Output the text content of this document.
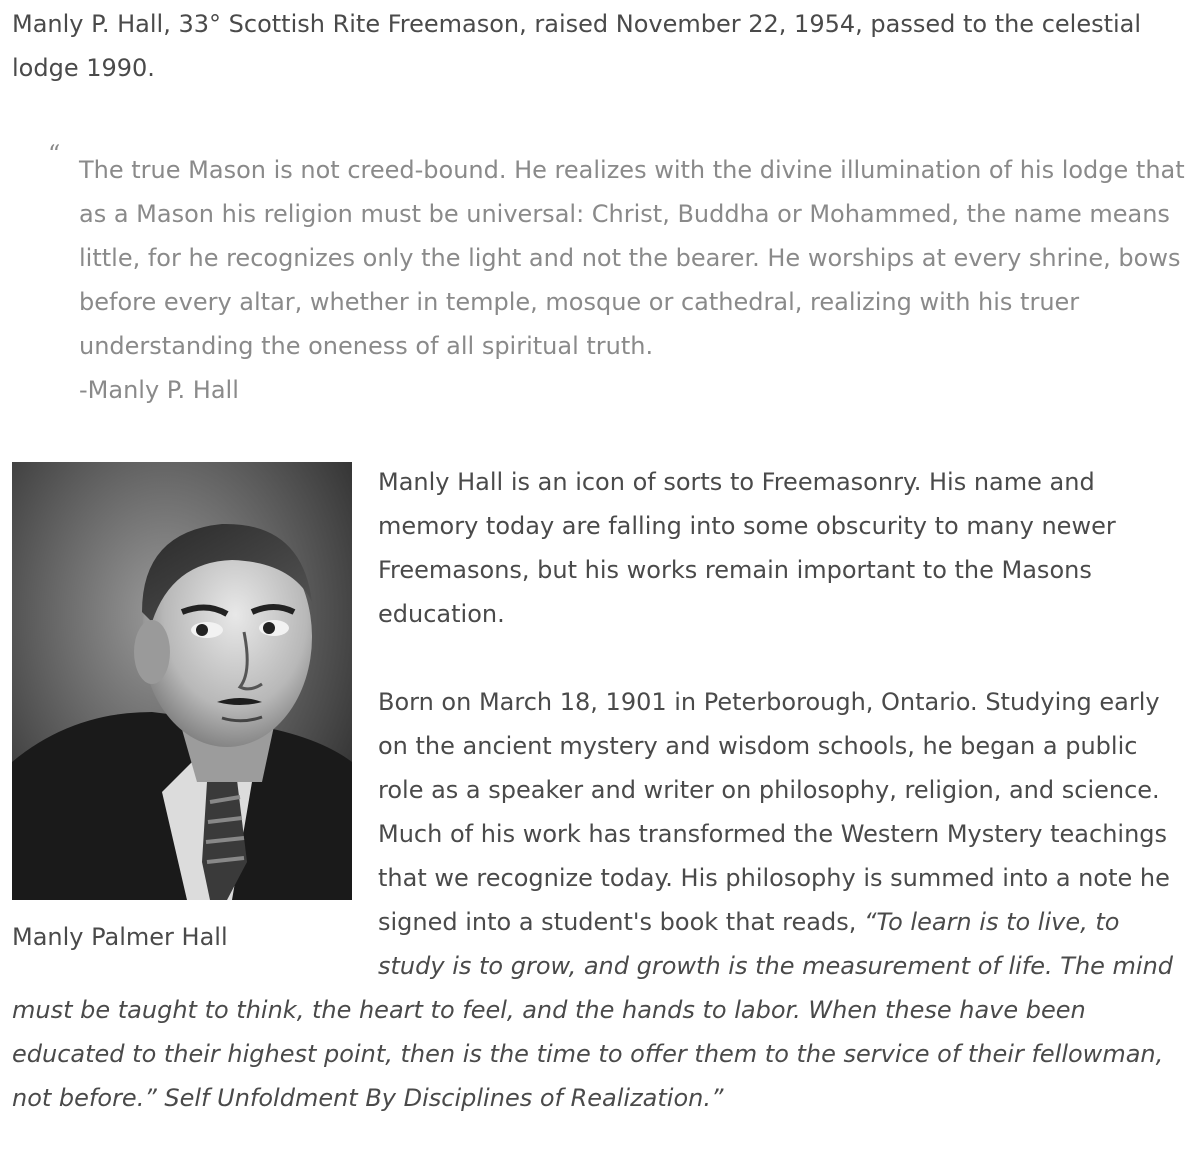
Manly P. Hall, 33° Scottish Rite Freemason, raised November 22, 1954, passed to the celestial lodge 1990.

“
The true Mason is not creed-bound. He realizes with the divine illumination of his lodge that as a Mason his religion must be universal: Christ, Buddha or Mohammed, the name means little, for he recognizes only the light and not the bearer. He worships at every shrine, bows before every altar, whether in temple, mosque or cathedral, realizing with his truer understanding the oneness of all spiritual truth.
-Manly P. Hall
Manly Palmer Hall

Manly Hall is an icon of sorts to Freemasonry. His name and memory today are falling into some obscurity to many newer Freemasons, but his works remain important to the Masons education.

Born on March 18, 1901 in Peterborough, Ontario. Studying early on the ancient mystery and wisdom schools, he began a public role as a speaker and writer on philosophy, religion, and science. Much of his work has transformed the Western Mystery teachings that we recognize today. His philosophy is summed into a note he signed into a student's book that reads, “To learn is to live, to study is to grow, and growth is the measurement of life. The mind must be taught to think, the heart to feel, and the hands to labor. When these have been educated to their highest point, then is the time to offer them to the service of their fellowman, not before.” Self Unfoldment By Disciplines of Realization.”
